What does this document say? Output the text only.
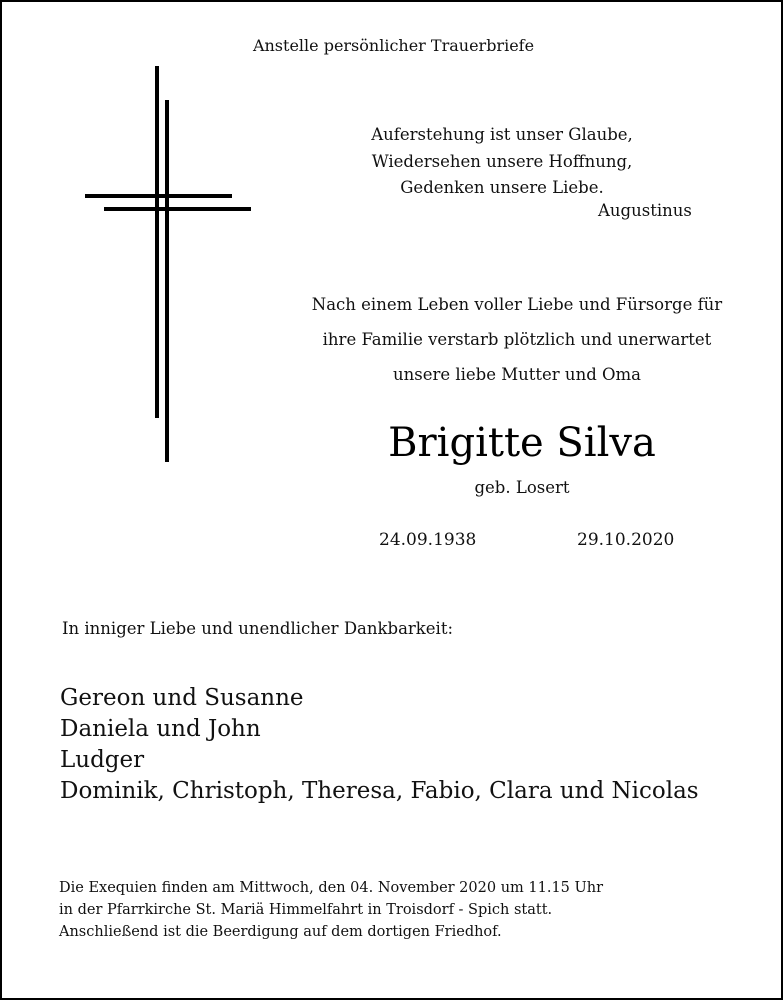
Anstelle persönlicher Trauerbriefe
Auferstehung ist unser Glaube,
Wiedersehen unsere Hoffnung,
Gedenken unsere Liebe.
Augustinus
Nach einem Leben voller Liebe und Fürsorge für
ihre Familie verstarb plötzlich und unerwartet
unsere liebe Mutter und Oma
Brigitte Silva
geb. Losert
24.09.1938	29.10.2020
In inniger Liebe und unendlicher Dankbarkeit:
Gereon und Susanne
Daniela und John
Ludger
Dominik, Christoph, Theresa, Fabio, Clara und Nicolas
Die Exequien finden am Mittwoch, den 04. November 2020 um 11.15 Uhr
in der Pfarrkirche St. Mariä Himmelfahrt in Troisdorf - Spich statt.
Anschließend ist die Beerdigung auf dem dortigen Friedhof.
